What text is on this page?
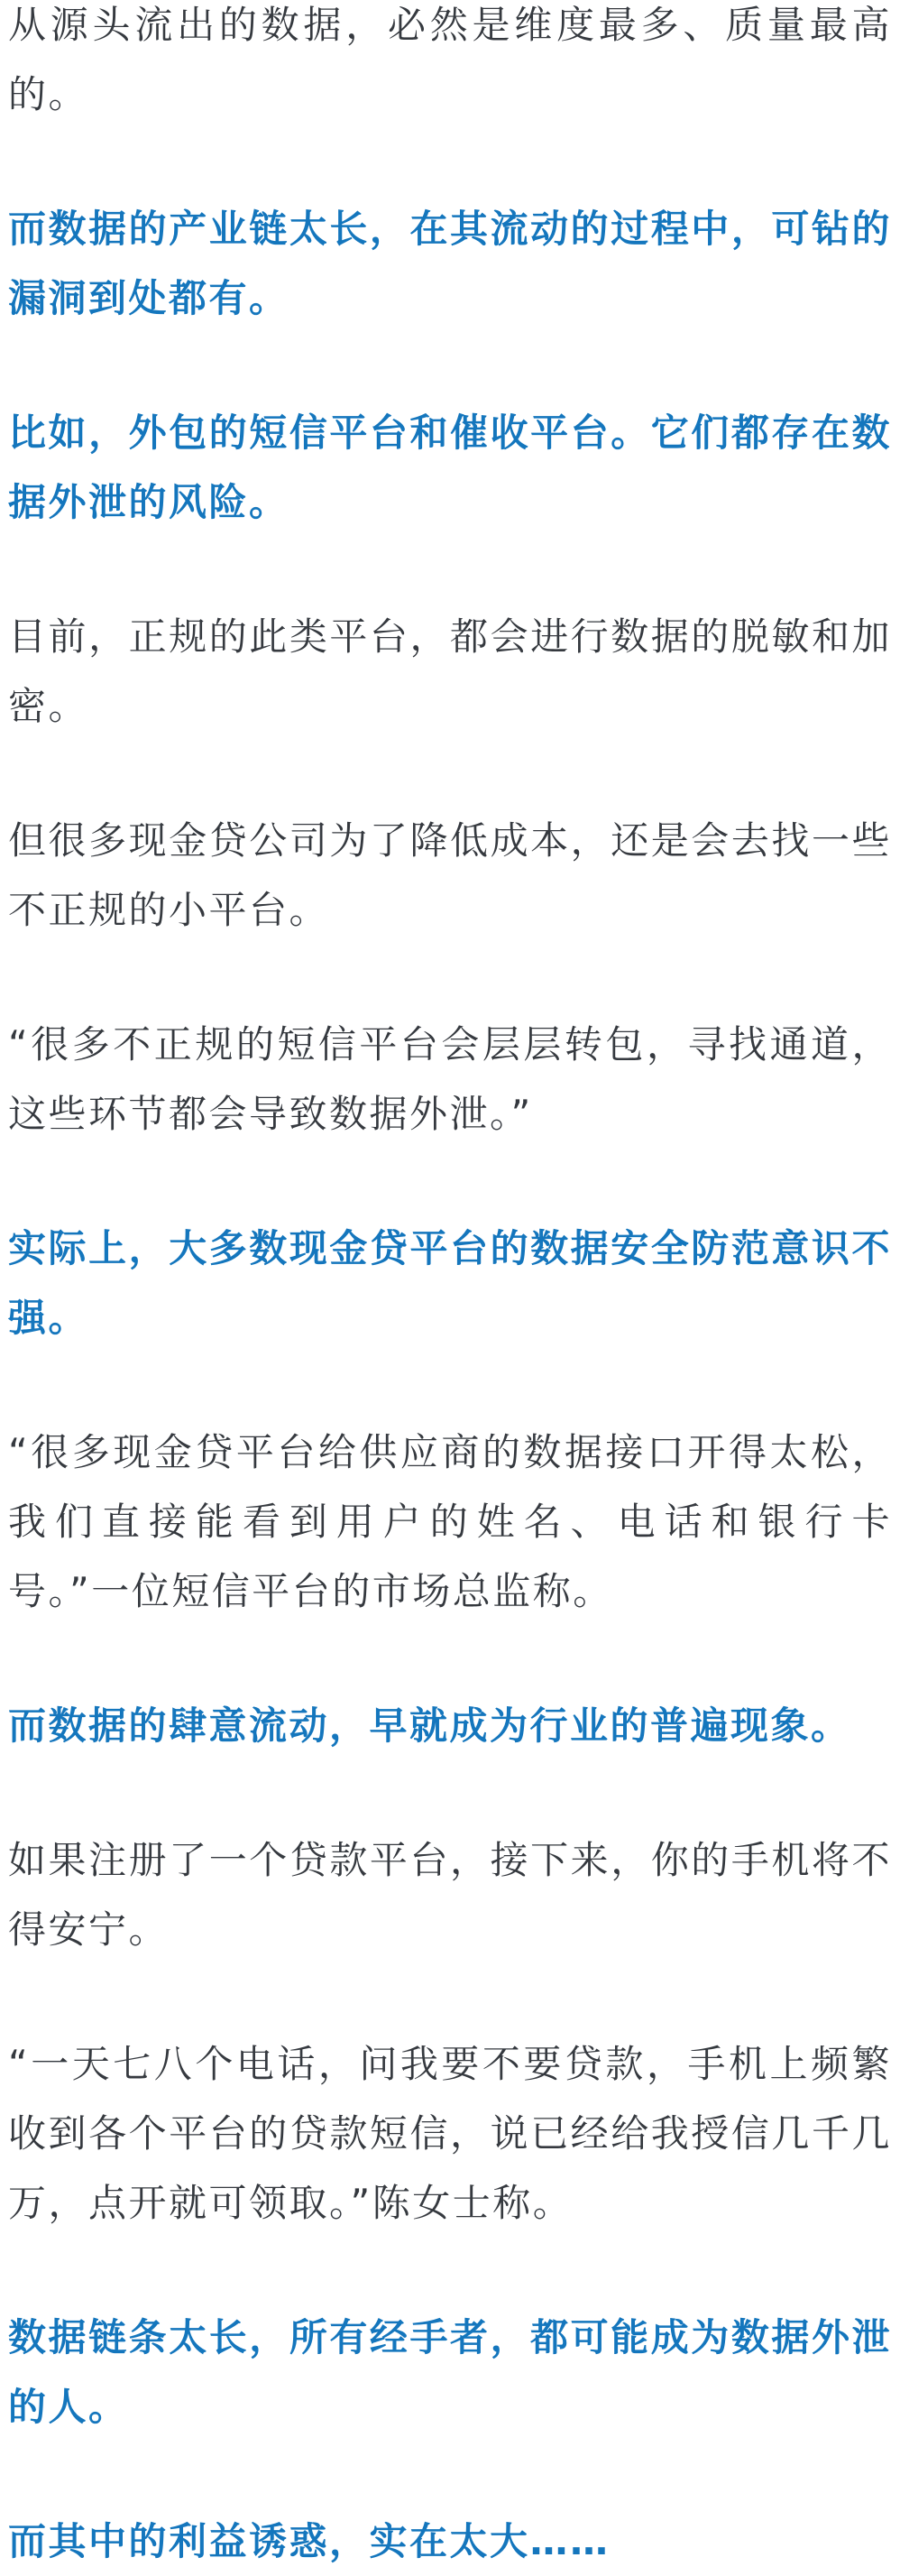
从源头流出的数据，必然是维度最多、质量最高的。

而数据的产业链太长，在其流动的过程中，可钻的漏洞到处都有。

比如，外包的短信平台和催收平台。它们都存在数据外泄的风险。

目前，正规的此类平台，都会进行数据的脱敏和加密。

但很多现金贷公司为了降低成本，还是会去找一些不正规的小平台。

“很多不正规的短信平台会层层转包，寻找通道，这些环节都会导致数据外泄。”

实际上，大多数现金贷平台的数据安全防范意识不强。

“很多现金贷平台给供应商的数据接口开得太松，我们直接能看到用户的姓名、电话和银行卡号。”一位短信平台的市场总监称。

而数据的肆意流动，早就成为行业的普遍现象。

如果注册了一个贷款平台，接下来，你的手机将不得安宁。

“一天七八个电话，问我要不要贷款，手机上频繁收到各个平台的贷款短信，说已经给我授信几千几万，点开就可领取。”陈女士称。

数据链条太长，所有经手者，都可能成为数据外泄的人。

而其中的利益诱惑，实在太大……
